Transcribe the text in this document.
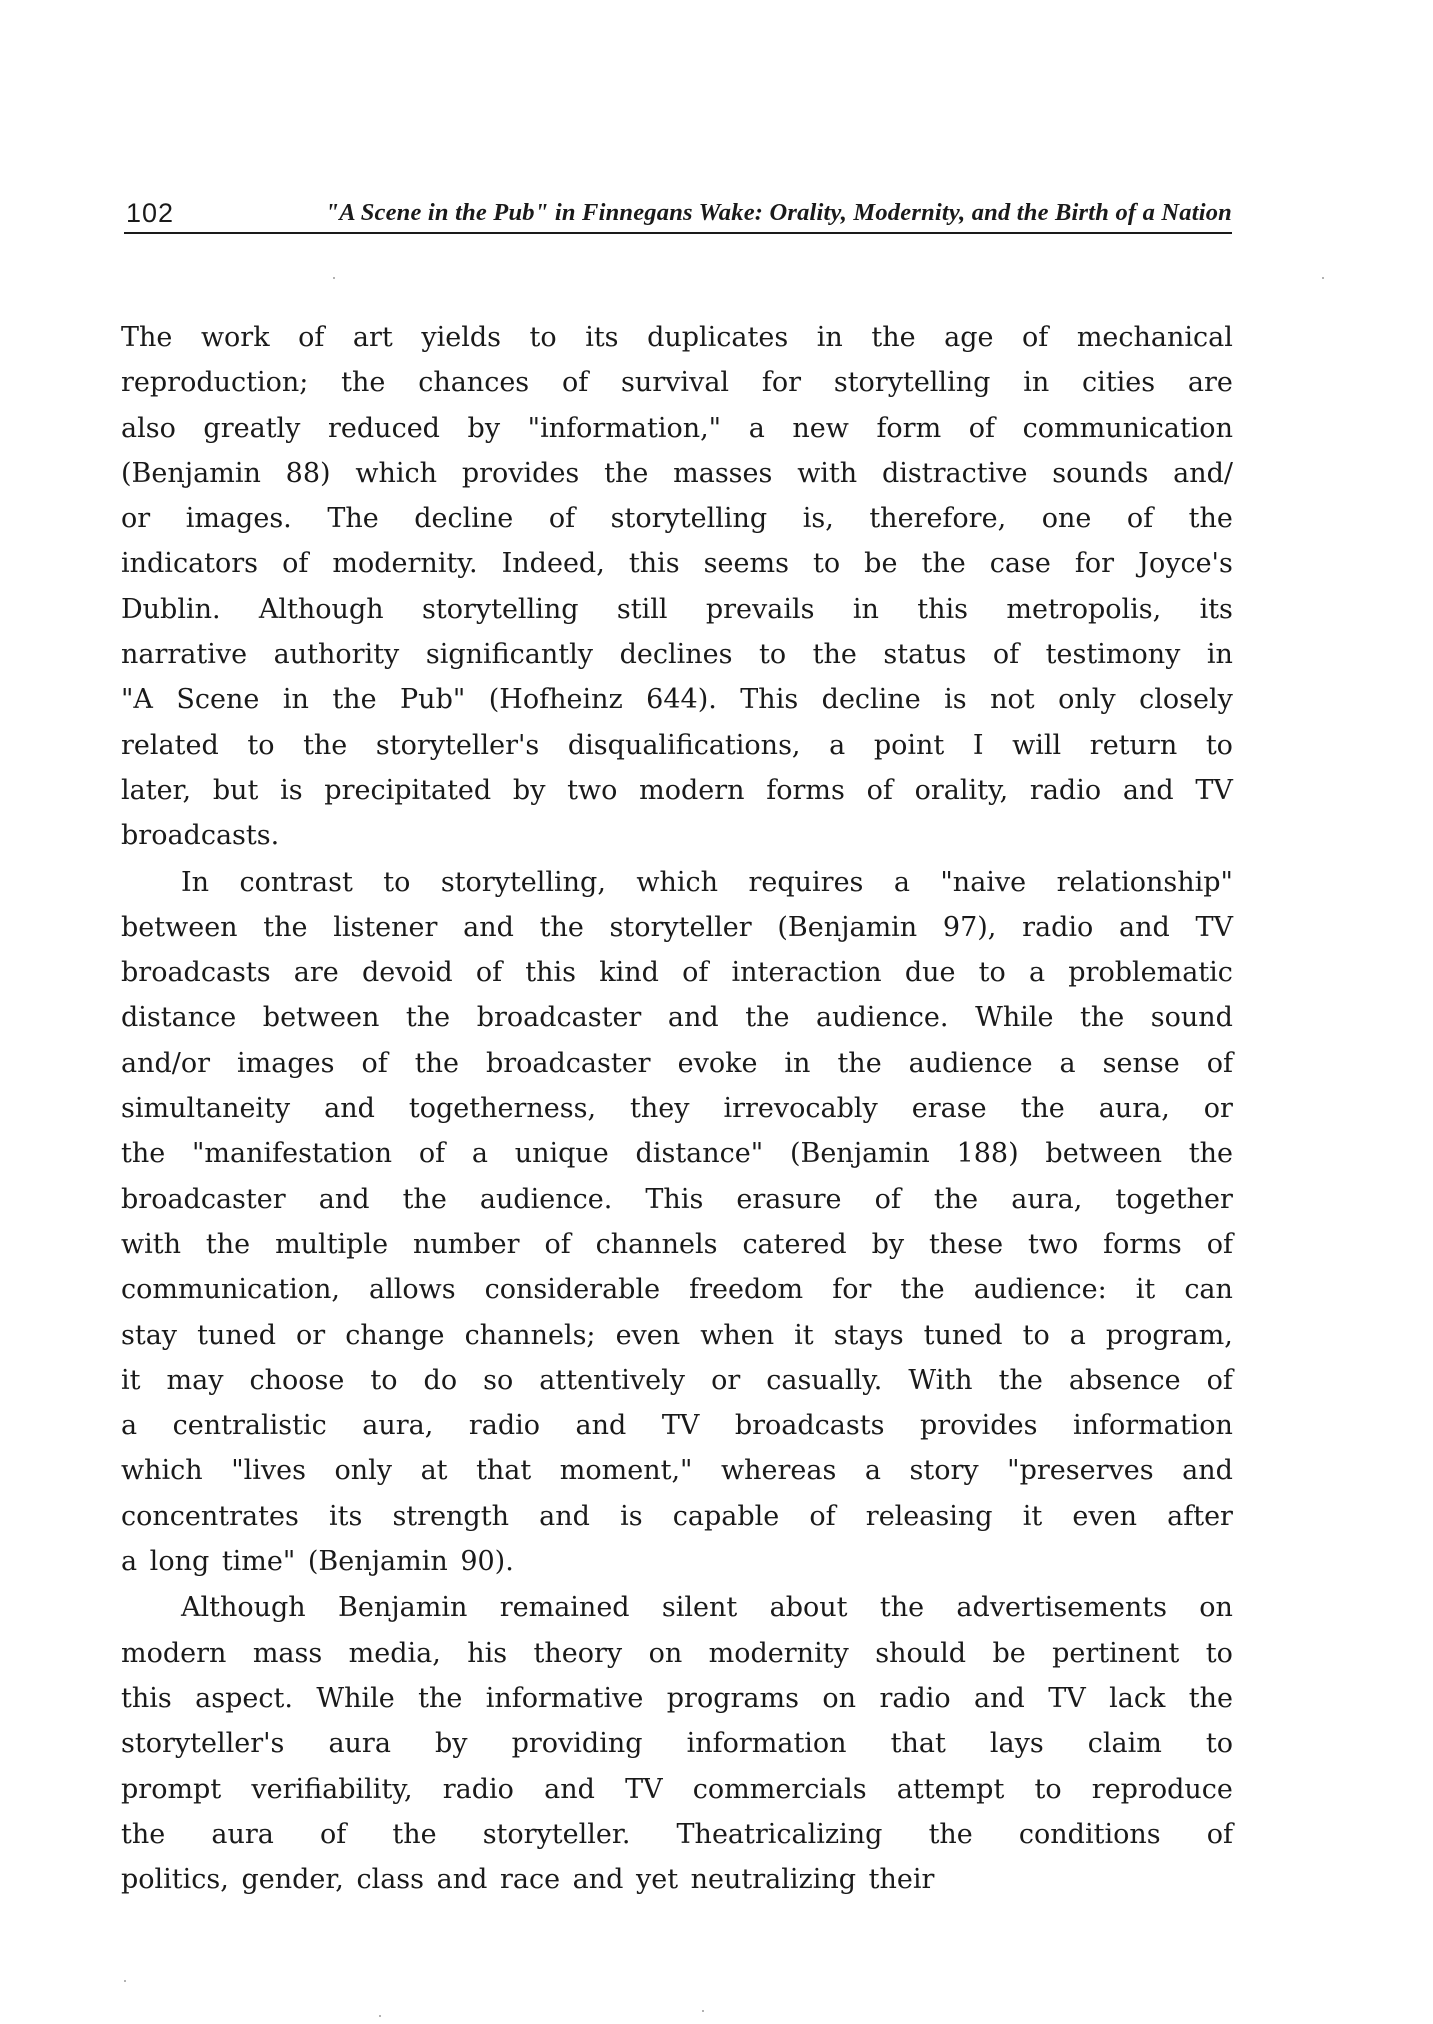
102	"A Scene in the Pub" in Finnegans Wake: Orality, Modernity, and the Birth of a Nation
The work of art yields to its duplicates in the age of mechanical
reproduction; the chances of survival for storytelling in cities are
also greatly reduced by "information," a new form of communication
(Benjamin 88) which provides the masses with distractive sounds and/
or images. The decline of storytelling is, therefore, one of the
indicators of modernity. Indeed, this seems to be the case for Joyce's
Dublin. Although storytelling still prevails in this metropolis, its
narrative authority significantly declines to the status of testimony in
"A Scene in the Pub" (Hofheinz 644). This decline is not only closely
related to the storyteller's disqualifications, a point I will return to
later, but is precipitated by two modern forms of orality, radio and TV
broadcasts.
In contrast to storytelling, which requires a "naive relationship"
between the listener and the storyteller (Benjamin 97), radio and TV
broadcasts are devoid of this kind of interaction due to a problematic
distance between the broadcaster and the audience. While the sound
and/or images of the broadcaster evoke in the audience a sense of
simultaneity and togetherness, they irrevocably erase the aura, or
the "manifestation of a unique distance" (Benjamin 188) between the
broadcaster and the audience. This erasure of the aura, together
with the multiple number of channels catered by these two forms of
communication, allows considerable freedom for the audience: it can
stay tuned or change channels; even when it stays tuned to a program,
it may choose to do so attentively or casually. With the absence of
a centralistic aura, radio and TV broadcasts provides information
which "lives only at that moment," whereas a story "preserves and
concentrates its strength and is capable of releasing it even after
a long time" (Benjamin 90).
Although Benjamin remained silent about the advertisements on
modern mass media, his theory on modernity should be pertinent to
this aspect. While the informative programs on radio and TV lack the
storyteller's aura by providing information that lays claim to
prompt verifiability, radio and TV commercials attempt to reproduce
the aura of the storyteller. Theatricalizing the conditions of
politics, gender, class and race and yet neutralizing their
